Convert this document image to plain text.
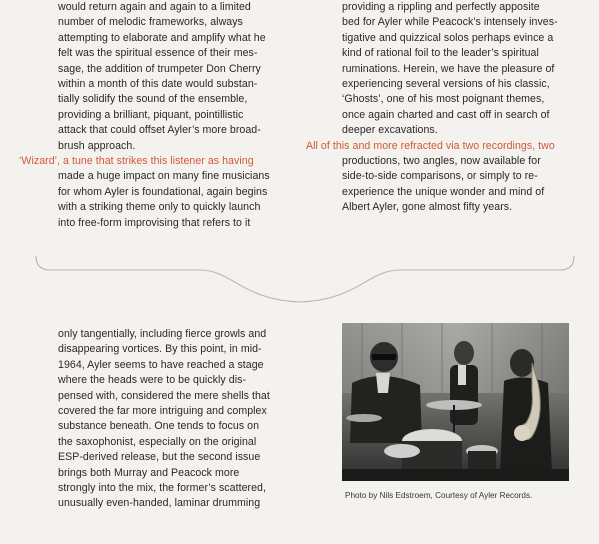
would return again and again to a limited
number of melodic frameworks, always
attempting to elaborate and amplify what he
felt was the spiritual essence of their mes-
sage, the addition of trumpeter Don Cherry
within a month of this date would substan-
tially solidify the sound of the ensemble,
providing a brilliant, piquant, pointillistic
attack that could offset Ayler’s more broad-
brush approach.
‘Wizard’, a tune that strikes this listener as having
made a huge impact on many fine musicians
for whom Ayler is foundational, again begins
with a striking theme only to quickly launch
into free-form improvising that refers to it
providing a rippling and perfectly apposite
bed for Ayler while Peacock’s intensely inves-
tigative and quizzical solos perhaps evince a
kind of rational foil to the leader’s spiritual
ruminations. Herein, we have the pleasure of
experiencing several versions of his classic,
‘Ghosts’, one of his most poignant themes,
once again charted and cast off in search of
deeper excavations.
All of this and more refracted via two recordings, two
productions, two angles, now available for
side-to-side comparisons, or simply to re-
experience the unique wonder and mind of
Albert Ayler, gone almost fifty years.
only tangentially, including fierce growls and
disappearing vortices. By this point, in mid-
1964, Ayler seems to have reached a stage
where the heads were to be quickly dis-
pensed with, considered the mere shells that
covered the far more intriguing and complex
substance beneath. One tends to focus on
the saxophonist, especially on the original
ESP-derived release, but the second issue
brings both Murray and Peacock more
strongly into the mix, the former’s scattered,
unusually even-handed, laminar drumming
Photo by Nils Edstroem, Courtesy of Ayler Records.
